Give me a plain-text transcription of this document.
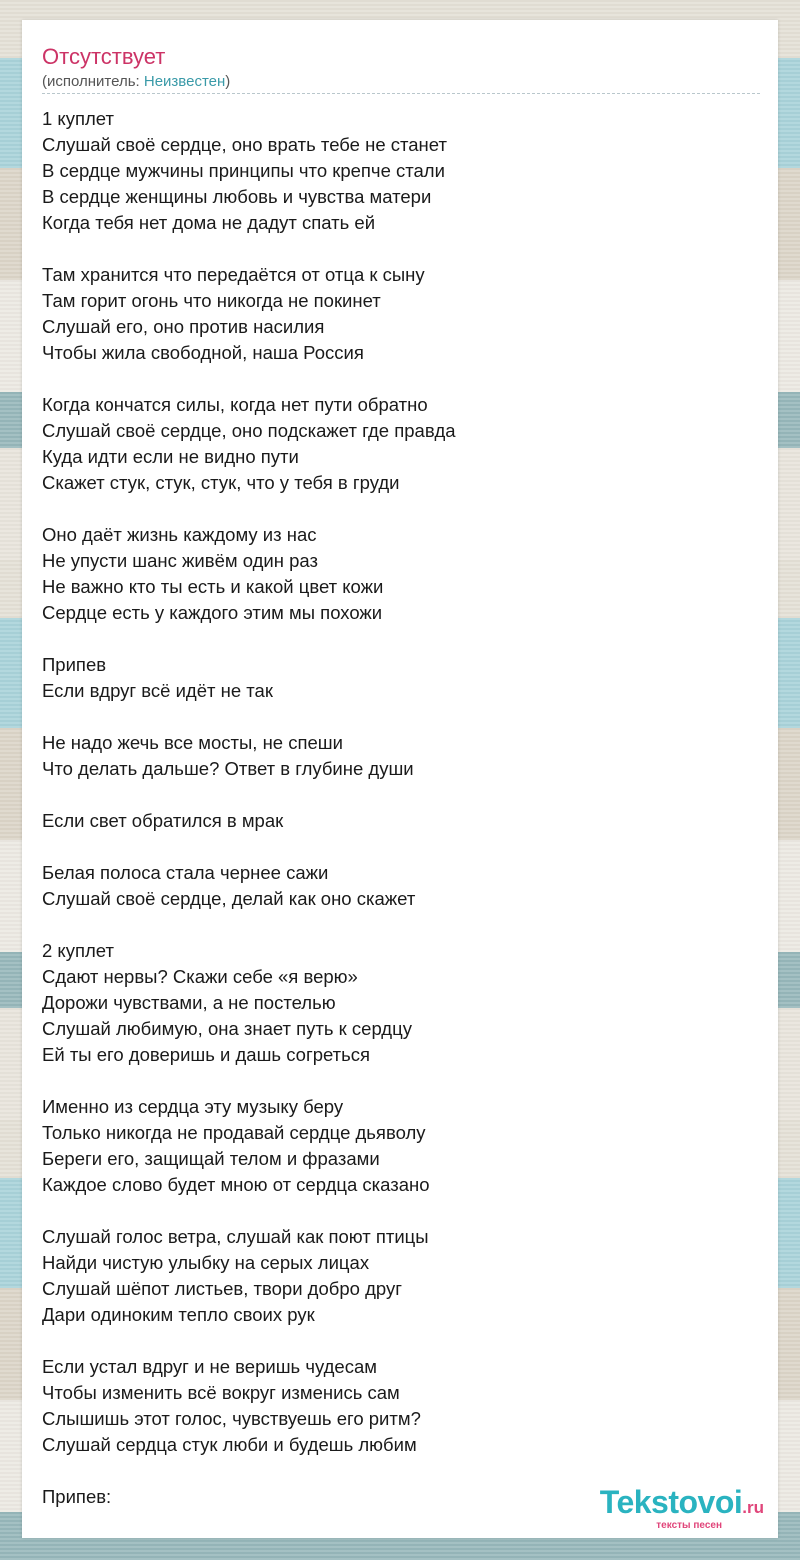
Отсутствует
(исполнитель: Неизвестен)
1 куплет
Слушай своё сердце, оно врать тебе не станет
В сердце мужчины принципы что крепче стали
В сердце женщины любовь и чувства матери
Когда тебя нет дома не дадут спать ей
Там хранится что передаётся от отца к сыну
Там горит огонь что никогда не покинет
Слушай его, оно против насилия
Чтобы жила свободной, наша Россия
Когда кончатся силы, когда нет пути обратно
Слушай своё сердце, оно подскажет где правда
Куда идти если не видно пути
Скажет стук, стук, стук, что у тебя в груди
Оно даёт жизнь каждому из нас
Не упусти шанс живём один раз
Не важно кто ты есть и какой цвет кожи
Сердце есть у каждого этим мы похожи
Припев
Если вдруг всё идёт не так
Не надо жечь все мосты, не спеши
Что делать дальше? Ответ в глубине души
Если свет обратился в мрак
Белая полоса стала чернее сажи
Слушай своё сердце, делай как оно скажет
2 куплет
Сдают нервы? Скажи себе «я верю»
Дорожи чувствами, а не постелью
Слушай любимую, она знает путь к сердцу
Ей ты его доверишь и дашь согреться
Именно из сердца эту музыку беру
Только никогда не продавай сердце дьяволу
Береги его, защищай телом и фразами
Каждое слово будет мною от сердца сказано
Слушай голос ветра, слушай как поют птицы
Найди чистую улыбку на серых лицах
Слушай шёпот листьев, твори добро друг
Дари одиноким тепло своих рук
Если устал вдруг и не веришь чудесам
Чтобы изменить всё вокруг изменись сам
Слышишь этот голос, чувствуешь его ритм?
Слушай сердца стук люби и будешь любим
Припев:	Tekstovoi.ru
тексты песен
